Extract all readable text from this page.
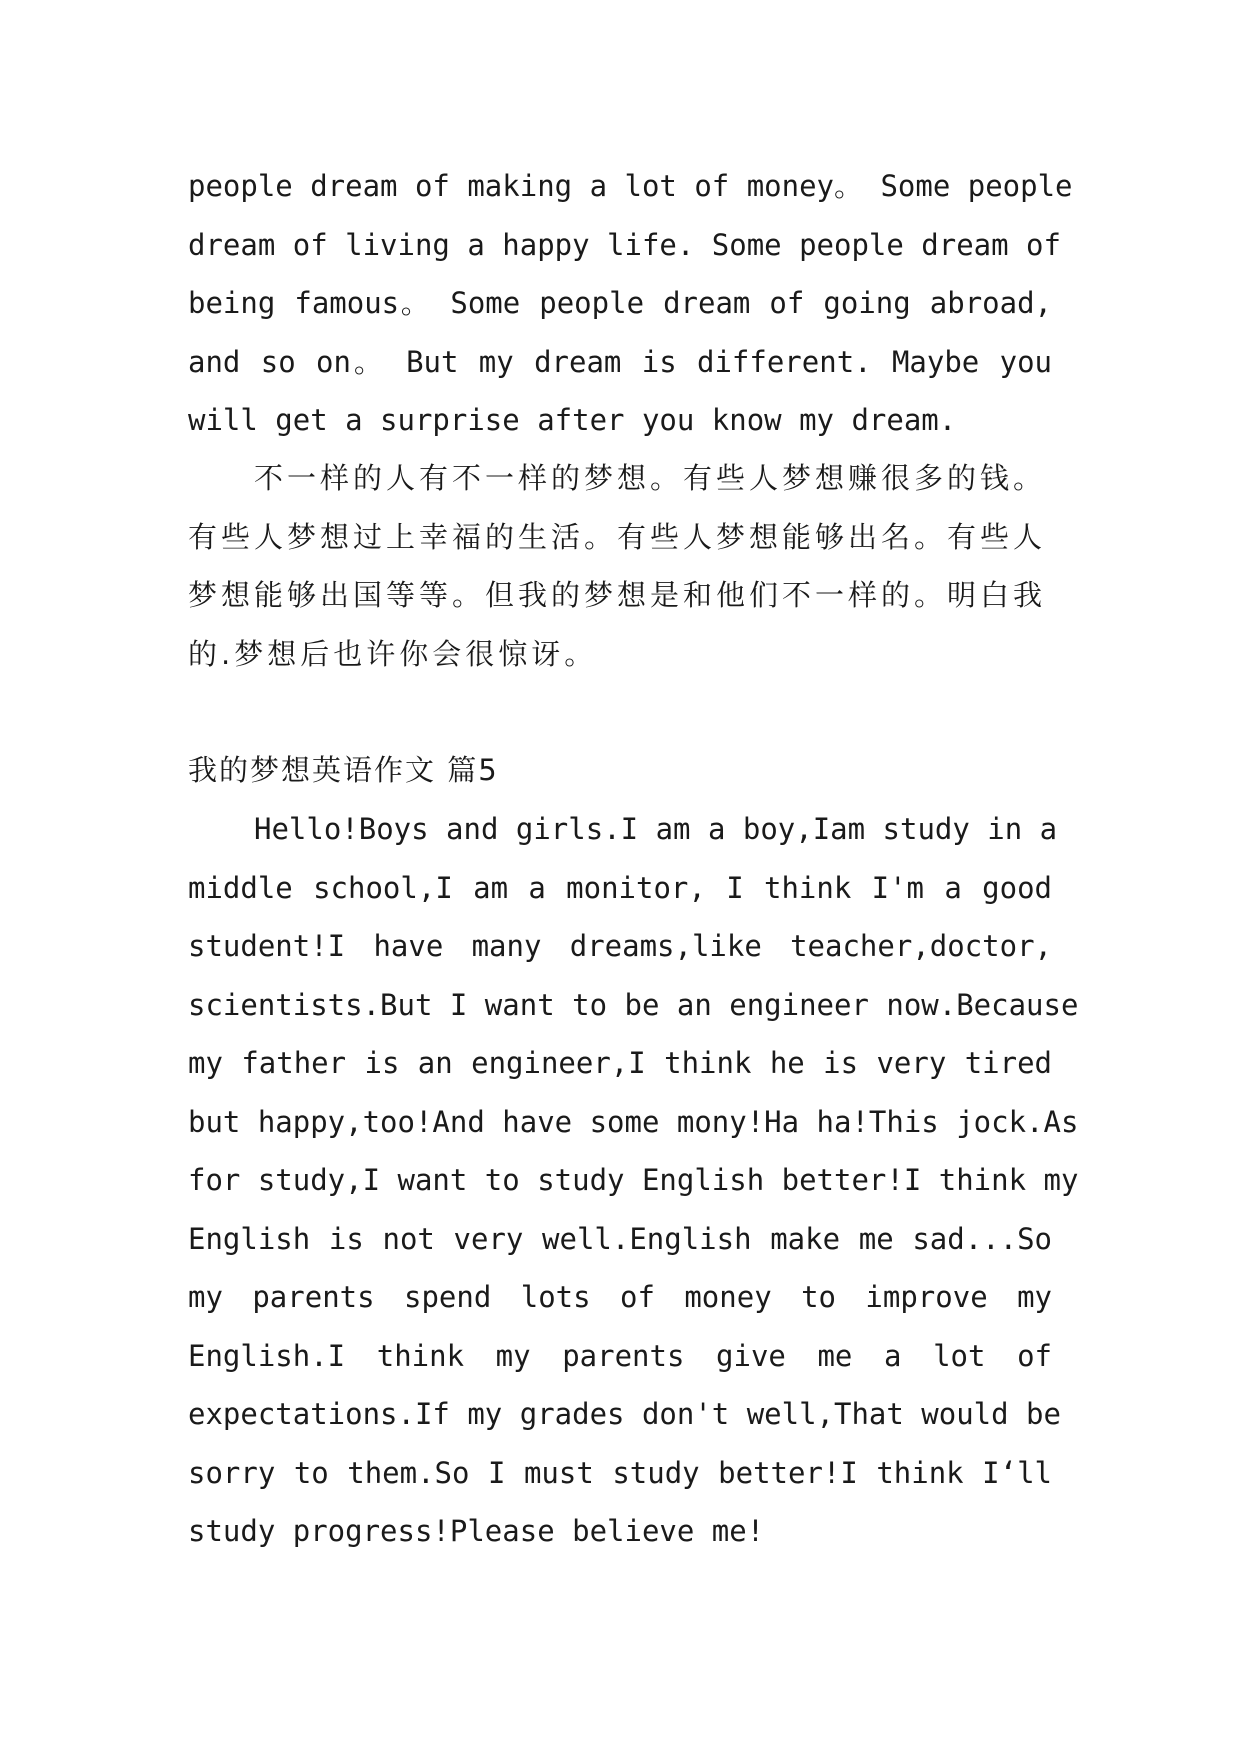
people dream of making a lot of money。 Some people
dream of living a happy life. Some people dream of
being famous。 Some people dream of going abroad,
and so on。 But my dream is different. Maybe you
will get a surprise after you know my dream.
不一样的人有不一样的梦想。有些人梦想赚很多的钱。
有些人梦想过上幸福的生活。有些人梦想能够出名。有些人
梦想能够出国等等。但我的梦想是和他们不一样的。明白我
的.梦想后也许你会很惊讶。
我的梦想英语作文 篇5
Hello!Boys and girls.I am a boy,Iam study in a
middle school,I am a monitor, I think I'm a good
student!I have many dreams,like teacher,doctor,
scientists.But I want to be an engineer now.Because
my father is an engineer,I think he is very tired
but happy,too!And have some mony!Ha ha!This jock.As
for study,I want to study English better!I think my
English is not very well.English make me sad...So
my parents spend lots of money to improve my
English.I think my parents give me a lot of
expectations.If my grades don't well,That would be
sorry to them.So I must study better!I think I‘ll
study progress!Please believe me!
